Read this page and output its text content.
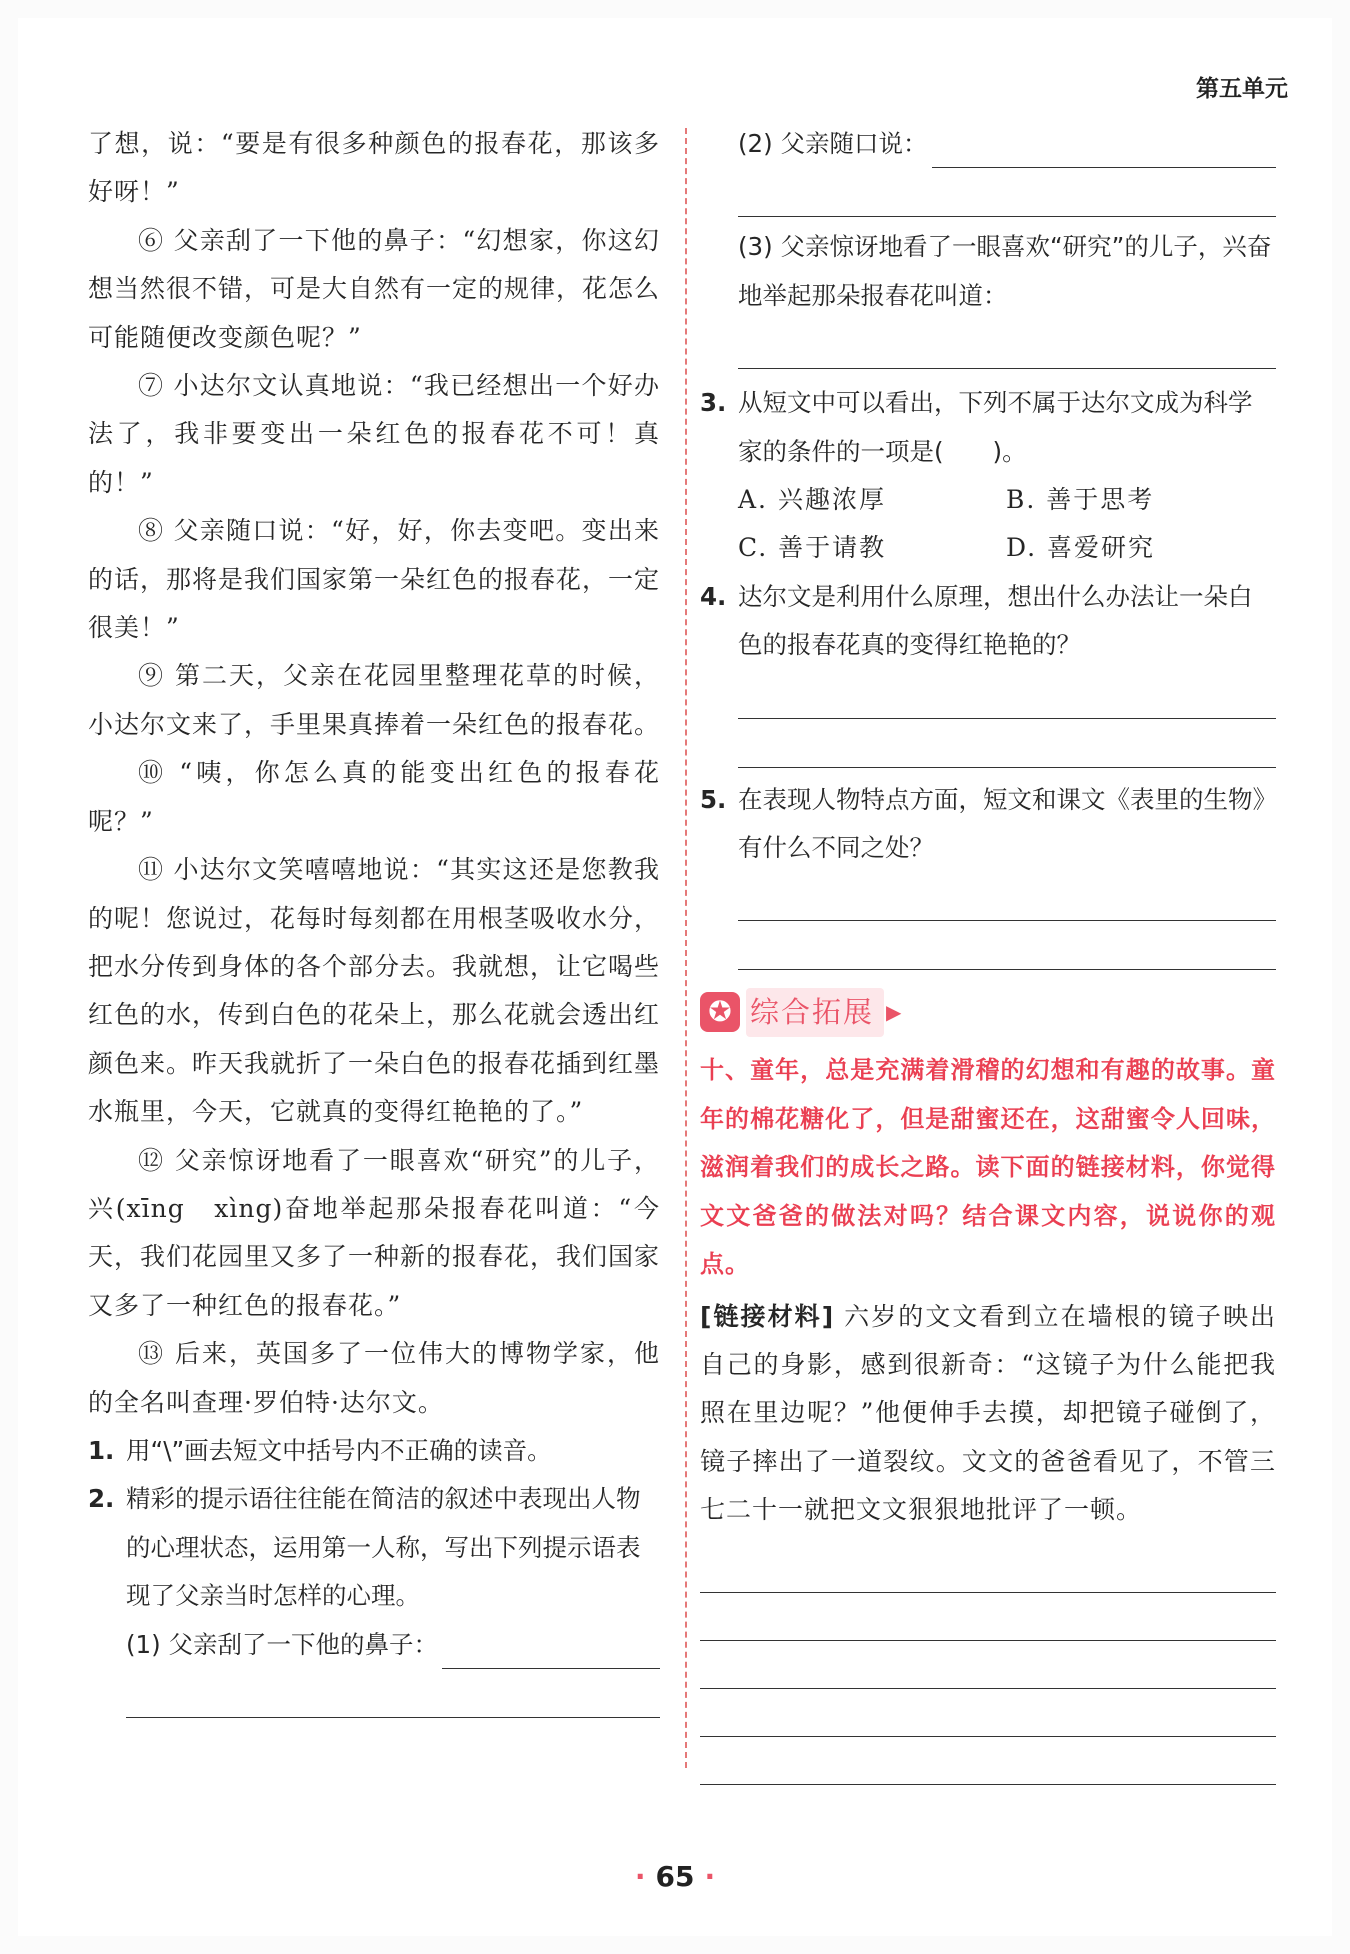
第五单元

了想，说：“要是有很多种颜色的报春花，那该多好呀！”

⑥ 父亲刮了一下他的鼻子：“幻想家，你这幻想当然很不错，可是大自然有一定的规律，花怎么可能随便改变颜色呢？”

⑦ 小达尔文认真地说：“我已经想出一个好办法了，我非要变出一朵红色的报春花不可！真的！”

⑧ 父亲随口说：“好，好，你去变吧。变出来的话，那将是我们国家第一朵红色的报春花，一定很美！”

⑨ 第二天，父亲在花园里整理花草的时候，小达尔文来了，手里果真捧着一朵红色的报春花。

⑩ “咦，你怎么真的能变出红色的报春花呢？”

⑪ 小达尔文笑嘻嘻地说：“其实这还是您教我的呢！您说过，花每时每刻都在用根茎吸收水分，把水分传到身体的各个部分去。我就想，让它喝些红色的水，传到白色的花朵上，那么花就会透出红颜色来。昨天我就折了一朵白色的报春花插到红墨水瓶里，今天，它就真的变得红艳艳的了。”

⑫ 父亲惊讶地看了一眼喜欢“研究”的儿子，兴(xīng　xìng)奋地举起那朵报春花叫道：“今天，我们花园里又多了一种新的报春花，我们国家又多了一种红色的报春花。”

⑬ 后来，英国多了一位伟大的博物学家，他的全名叫查理·罗伯特·达尔文。

1. 用“\”画去短文中括号内不正确的读音。
2. 精彩的提示语往往能在简洁的叙述中表现出人物的心理状态，运用第一人称，写出下列提示语表现了父亲当时怎样的心理。
(1) 父亲刮了一下他的鼻子：
(2) 父亲随口说：
(3) 父亲惊讶地看了一眼喜欢“研究”的儿子，兴奋地举起那朵报春花叫道：
3. 从短文中可以看出，下列不属于达尔文成为科学家的条件的一项是(　　)。
A. 兴趣浓厚	B. 善于思考
C. 善于请教	D. 喜爱研究
4. 达尔文是利用什么原理，想出什么办法让一朵白色的报春花真的变得红艳艳的？
5. 在表现人物特点方面，短文和课文《表里的生物》有什么不同之处？
✪ 综合拓展 ▶

十、童年，总是充满着滑稽的幻想和有趣的故事。童年的棉花糖化了，但是甜蜜还在，这甜蜜令人回味，滋润着我们的成长之路。读下面的链接材料，你觉得文文爸爸的做法对吗？结合课文内容，说说你的观点。

[链接材料] 六岁的文文看到立在墙根的镜子映出自己的身影，感到很新奇：“这镜子为什么能把我照在里边呢？”他便伸手去摸，却把镜子碰倒了，镜子摔出了一道裂纹。文文的爸爸看见了，不管三七二十一就把文文狠狠地批评了一顿。

· 65 ·
